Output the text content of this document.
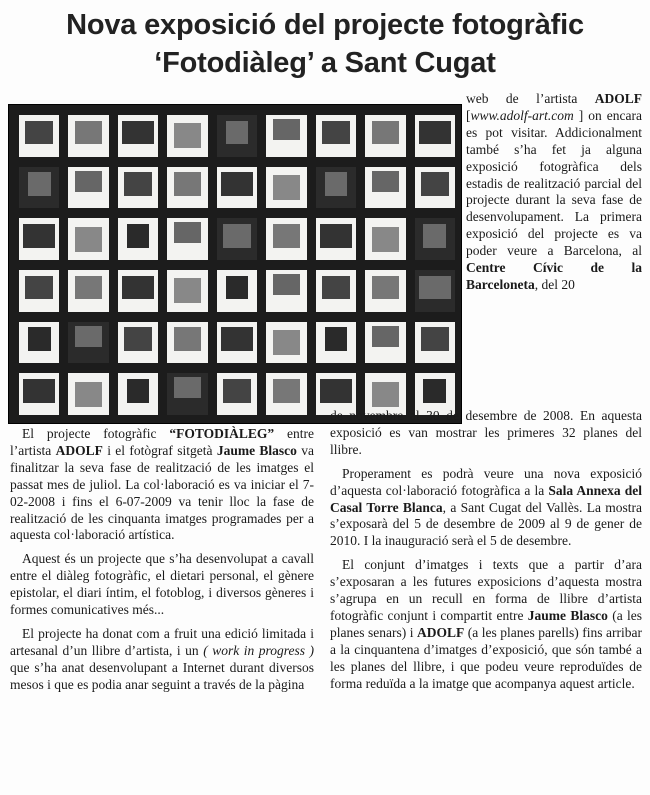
Nova exposició del projecte fotogràfic
‘Fotodiàleg’ a Sant Cugat

web de l’artista ADOLF [www.adolf-art.com ] on encara es pot visitar. Addicionalment també s’ha fet ja alguna exposició fotogràfica dels estadis de realització parcial del projecte durant la seva fase de desenvolupament. La primera exposició del projecte es va poder veure a Barcelona, al Centre Cívic de la Barceloneta, del 20

El projecte fotogràfic “FOTODIÀLEG” entre l’artista ADOLF i el fotògraf sitgetà Jaume Blasco va finalitzar la seva fase de realització de les imatges el passat mes de juliol. La col·laboració es va iniciar el 7-02-2008 i fins el 6-07-2009 va tenir lloc la fase de realització de les cinquanta imatges programades per a aquesta col·laboració artística.

Aquest és un projecte que s’ha desenvolupat a cavall entre el diàleg fotogràfic, el dietari personal, el gènere epistolar, el diari íntim, el fotoblog, i diversos gèneres i formes comunicatives més...

El projecte ha donat com a fruit una edició limitada i artesanal d’un llibre d’artista, i un ( work in progress ) que s’ha anat desenvolupant a Internet durant diversos mesos i que es podia anar seguint a través de la pàgina

de novembre al 30 de desembre de 2008. En aquesta exposició es van mostrar les primeres 32 planes del llibre.

Properament es podrà veure una nova exposició d’aquesta col·laboració fotogràfica a la Sala Annexa del Casal Torre Blanca, a Sant Cugat del Vallès. La mostra s’exposarà del 5 de desembre de 2009 al 9 de gener de 2010. I la inauguració serà el 5 de desembre.

El conjunt d’imatges i texts que a partir d’ara s’exposaran a les futures exposicions d’aquesta mostra s’agrupa en un recull en forma de llibre d’artista fotogràfic conjunt i compartit entre Jaume Blasco (a les planes senars) i ADOLF (a les planes parells) fins arribar a la cinquantena d’imatges d’exposició, que són també a les planes del llibre, i que podeu veure reproduïdes de forma reduïda a la imatge que acompanya aquest article.
